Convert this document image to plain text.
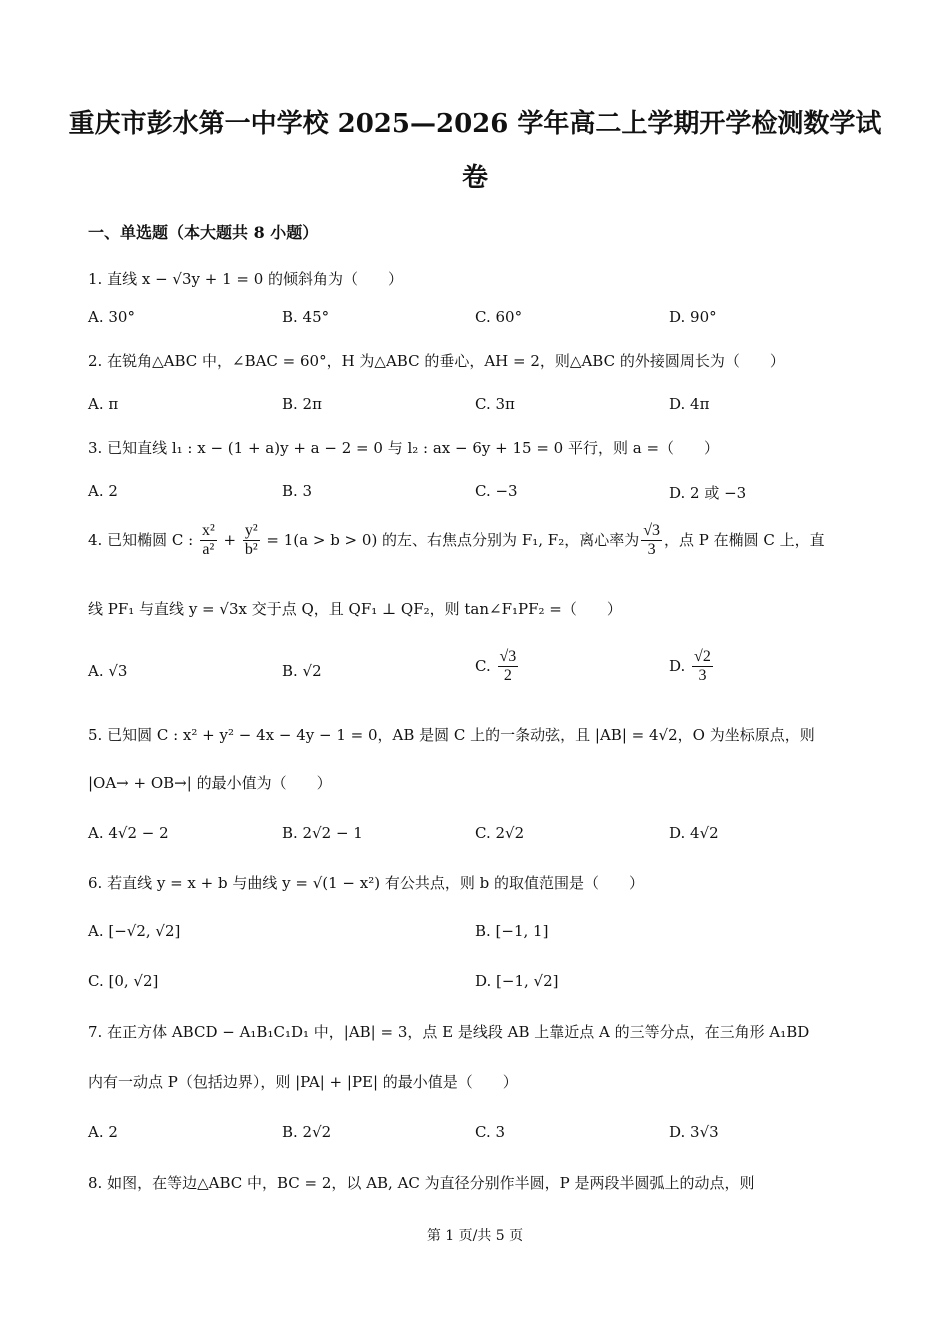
重庆市彭水第一中学校 2025—2026 学年高二上学期开学检测数学试
卷
一、单选题（本大题共 8 小题）
1. 直线 x − √3y + 1 = 0 的倾斜角为（　　）
A. 30°	B. 45°	C. 60°	D. 90°
2. 在锐角△ABC 中，∠BAC = 60°，H 为△ABC 的垂心，AH = 2，则△ABC 的外接圆周长为（　　）
A. π	B. 2π	C. 3π	D. 4π
3. 已知直线 l₁ : x − (1 + a)y + a − 2 = 0 与 l₂ : ax − 6y + 15 = 0 平行，则 a =（　　）
A. 2	B. 3	C. −3	D. 2 或 −3
4. 已知椭圆 C : $\frac{\text{x²}}{\text{a²}} + \frac{\text{y²}}{\text{b²}} = 1(a > b > 0)$ 的左、右焦点分别为 F₁, F₂，离心率为 $\frac{√3}{3}$ ，点 P 在椭圆 C 上，直
线 PF₁ 与直线 y = √3x 交于点 Q，且 QF₁ ⊥ QF₂，则 tan∠F₁PF₂ =（　　）
A. √3	B. √2	C. $\frac{√3}{2}$	D. $\frac{√2}{3}$
5. 已知圆 C : x² + y² − 4x − 4y − 1 = 0，AB 是圆 C 上的一条动弦，且 |AB| = 4√2，O 为坐标原点，则
|OA→ + OB→| 的最小值为（　　）
A. 4√2 − 2	B. 2√2 − 1	C. 2√2	D. 4√2
6. 若直线 y = x + b 与曲线 y = √(1 − x²) 有公共点，则 b 的取值范围是（　　）
A. [−√2, √2]	B. [−1, 1]
C. [0, √2]	D. [−1, √2]
7. 在正方体 ABCD − A₁B₁C₁D₁ 中，|AB| = 3，点 E 是线段 AB 上靠近点 A 的三等分点，在三角形 A₁BD
内有一动点 P（包括边界），则 |PA| + |PE| 的最小值是（　　）
A. 2	B. 2√2	C. 3	D. 3√3
8. 如图，在等边△ABC 中，BC = 2，以 AB, AC 为直径分别作半圆，P 是两段半圆弧上的动点，则
第 1 页/共 5 页
